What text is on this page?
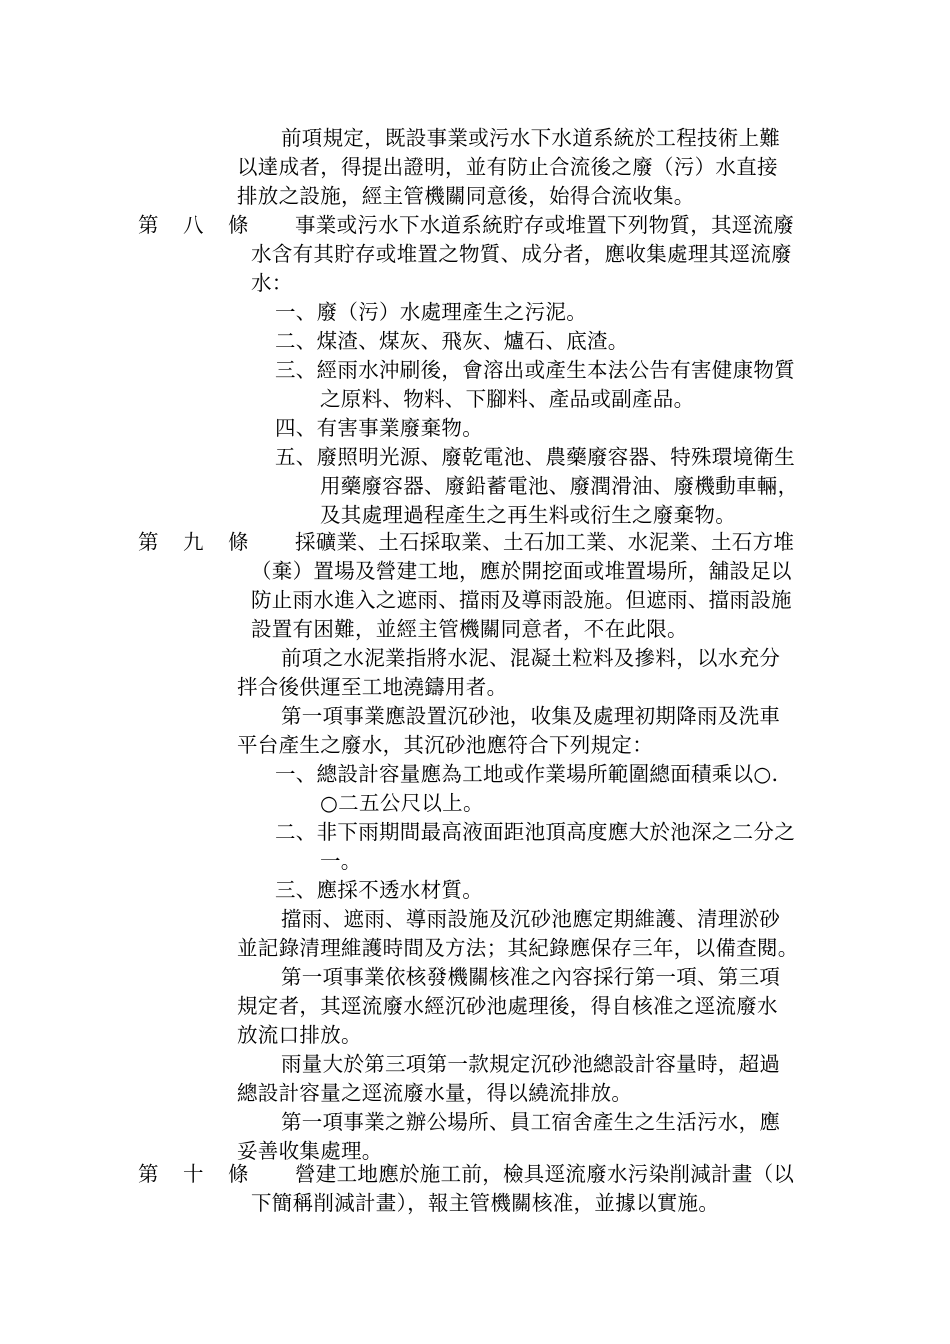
第 八 條
第 九 條
第 十 條
前項規定，既設事業或污水下水道系統於工程技術上難
以達成者，得提出證明，並有防止合流後之廢（污）水直接
排放之設施，經主管機關同意後，始得合流收集。
事業或污水下水道系統貯存或堆置下列物質，其逕流廢
水含有其貯存或堆置之物質、成分者，應收集處理其逕流廢
水：
一、廢（污）水處理產生之污泥。
二、煤渣、煤灰、飛灰、爐石、底渣。
三、經雨水沖刷後，會溶出或產生本法公告有害健康物質
之原料、物料、下腳料、產品或副產品。
四、有害事業廢棄物。
五、廢照明光源、廢乾電池、農藥廢容器、特殊環境衛生
用藥廢容器、廢鉛蓄電池、廢潤滑油、廢機動車輛，
及其處理過程產生之再生料或衍生之廢棄物。
採礦業、土石採取業、土石加工業、水泥業、土石方堆
（棄）置場及營建工地，應於開挖面或堆置場所，舖設足以
防止雨水進入之遮雨、擋雨及導雨設施。但遮雨、擋雨設施
設置有困難，並經主管機關同意者，不在此限。
前項之水泥業指將水泥、混凝土粒料及摻料，以水充分
拌合後供運至工地澆鑄用者。
第一項事業應設置沉砂池，收集及處理初期降雨及洗車
平台產生之廢水，其沉砂池應符合下列規定：
一、總設計容量應為工地或作業場所範圍總面積乘以○．
○二五公尺以上。
二、非下雨期間最高液面距池頂高度應大於池深之二分之
一。
三、應採不透水材質。
擋雨、遮雨、導雨設施及沉砂池應定期維護、清理淤砂
並記錄清理維護時間及方法；其紀錄應保存三年，以備查閱。
第一項事業依核發機關核准之內容採行第一項、第三項
規定者，其逕流廢水經沉砂池處理後，得自核准之逕流廢水
放流口排放。
雨量大於第三項第一款規定沉砂池總設計容量時，超過
總設計容量之逕流廢水量，得以繞流排放。
第一項事業之辦公場所、員工宿舍產生之生活污水，應
妥善收集處理。
營建工地應於施工前，檢具逕流廢水污染削減計畫（以
下簡稱削減計畫），報主管機關核准，並據以實施。
